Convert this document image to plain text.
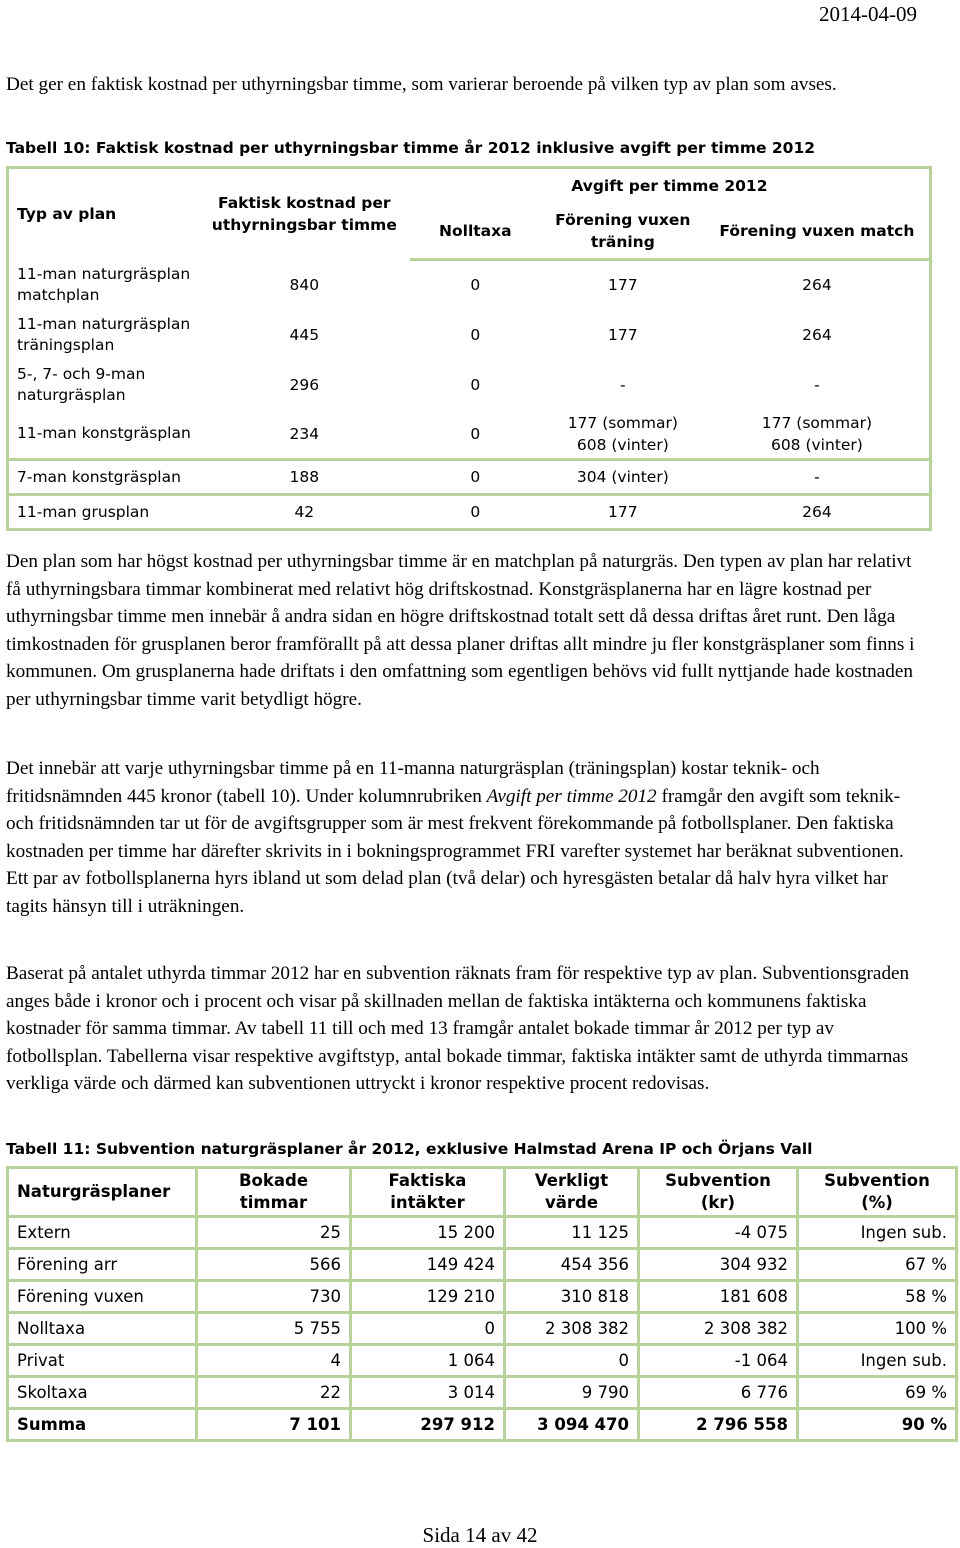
2014-04-09

Det ger en faktisk kostnad per uthyrningsbar timme, som varierar beroende på vilken typ av plan som avses.

Tabell 10: Faktisk kostnad per uthyrningsbar timme år 2012 inklusive avgift per timme 2012
Typ av plan	Faktisk kostnad per uthyrningsbar timme	Avgift per timme 2012		
		Nolltaxa	Förening vuxen träning	Förening vuxen match
11-man naturgräsplan matchplan	840	0	177	264
11-man naturgräsplan träningsplan	445	0	177	264
5-, 7- och 9-man naturgräsplan	296	0	-	-
11-man konstgräsplan	234	0	177 (sommar) 608 (vinter)	177 (sommar) 608 (vinter)
7-man konstgräsplan	188	0	304 (vinter)	-
11-man grusplan	42	0	177	264

Den plan som har högst kostnad per uthyrningsbar timme är en matchplan på naturgräs. Den typen av plan har relativt få uthyrningsbara timmar kombinerat med relativt hög driftskostnad. Konstgräsplanerna har en lägre kostnad per uthyrningsbar timme men innebär å andra sidan en högre driftskostnad totalt sett då dessa driftas året runt. Den låga timkostnaden för grusplanen beror framförallt på att dessa planer driftas allt mindre ju fler konstgräsplaner som finns i kommunen. Om grusplanerna hade driftats i den omfattning som egentligen behövs vid fullt nyttjande hade kostnaden per uthyrningsbar timme varit betydligt högre.

Det innebär att varje uthyrningsbar timme på en 11-manna naturgräsplan (träningsplan) kostar teknik- och fritidsnämnden 445 kronor (tabell 10). Under kolumnrubriken Avgift per timme 2012 framgår den avgift som teknik- och fritidsnämnden tar ut för de avgiftsgrupper som är mest frekvent förekommande på fotbollsplaner. Den faktiska kostnaden per timme har därefter skrivits in i bokningsprogrammet FRI varefter systemet har beräknat subventionen. Ett par av fotbollsplanerna hyrs ibland ut som delad plan (två delar) och hyresgästen betalar då halv hyra vilket har tagits hänsyn till i uträkningen.

Baserat på antalet uthyrda timmar 2012 har en subvention räknats fram för respektive typ av plan. Subventionsgraden anges både i kronor och i procent och visar på skillnaden mellan de faktiska intäkterna och kommunens faktiska kostnader för samma timmar. Av tabell 11 till och med 13 framgår antalet bokade timmar år 2012 per typ av fotbollsplan. Tabellerna visar respektive avgiftstyp, antal bokade timmar, faktiska intäkter samt de uthyrda timmarnas verkliga värde och därmed kan subventionen uttryckt i kronor respektive procent redovisas.

Tabell 11: Subvention naturgräsplaner år 2012, exklusive Halmstad Arena IP och Örjans Vall
Naturgräsplaner	Bokade timmar	Faktiska intäkter	Verkligt värde	Subvention (kr)	Subvention (%)
Extern	25	15 200	11 125	-4 075	Ingen sub.
Förening arr	566	149 424	454 356	304 932	67 %
Förening vuxen	730	129 210	310 818	181 608	58 %
Nolltaxa	5 755	0	2 308 382	2 308 382	100 %
Privat	4	1 064	0	-1 064	Ingen sub.
Skoltaxa	22	3 014	9 790	6 776	69 %
Summa	7 101	297 912	3 094 470	2 796 558	90 %
Sida 14 av 42
